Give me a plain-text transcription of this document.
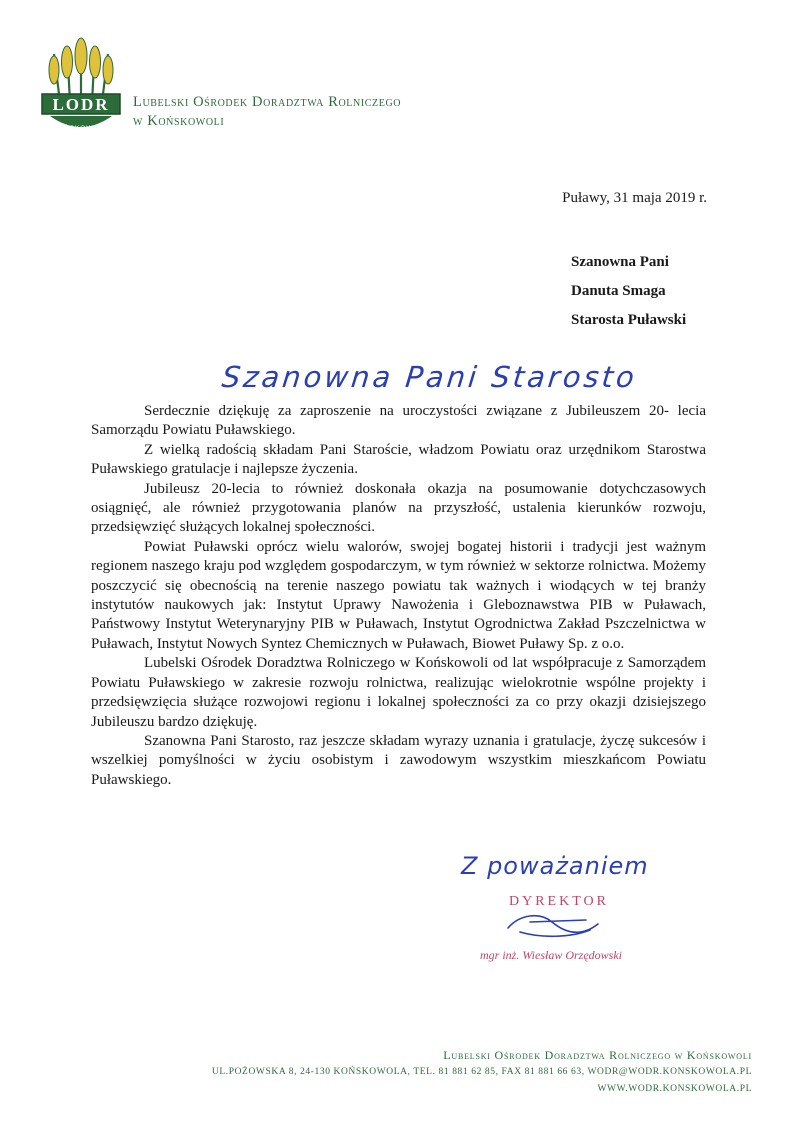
LODR
KOŃSKOWOLA
Lubelski Ośrodek Doradztwa Rolniczego
w Końskowoli
Puławy, 31 maja 2019 r.
Szanowna Pani
Danuta Smaga
Starosta Puławski
Szanowna Pani Starosto

Serdecznie dziękuję za zaproszenie na uroczystości związane z Jubileuszem 20- lecia Samorządu Powiatu Puławskiego.

Z wielką radością składam Pani Staroście, władzom Powiatu oraz urzędnikom Starostwa Puławskiego gratulacje i najlepsze życzenia.

Jubileusz 20-lecia to również doskonała okazja na posumowanie dotychczasowych osiągnięć, ale również przygotowania planów na przyszłość, ustalenia kierunków rozwoju, przedsięwzięć służących lokalnej społeczności.

Powiat Puławski oprócz wielu walorów, swojej bogatej historii i tradycji jest ważnym regionem naszego kraju pod względem gospodarczym, w tym również w sektorze rolnictwa. Możemy poszczycić się obecnością na terenie naszego powiatu tak ważnych i wiodących w tej branży instytutów naukowych jak: Instytut Uprawy Nawożenia i Gleboznawstwa PIB w Puławach, Państwowy Instytut Weterynaryjny PIB w Puławach, Instytut Ogrodnictwa Zakład Pszczelnictwa w Puławach, Instytut Nowych Syntez Chemicznych w Puławach, Biowet Puławy Sp. z o.o.

Lubelski Ośrodek Doradztwa Rolniczego w Końskowoli od lat współpracuje z Samorządem Powiatu Puławskiego w zakresie rozwoju rolnictwa, realizując wielokrotnie wspólne projekty i przedsięwzięcia służące rozwojowi regionu i lokalnej społeczności za co przy okazji dzisiejszego Jubileuszu bardzo dziękuję.

Szanowna Pani Starosto, raz jeszcze składam wyrazy uznania i gratulacje, życzę sukcesów i wszelkiej pomyślności w życiu osobistym i zawodowym wszystkim mieszkańcom Powiatu Puławskiego.

Z poważaniem
DYREKTOR
mgr inż. Wiesław Orzędowski
Lubelski Ośrodek Doradztwa Rolniczego w Końskowoli
UL.POŻOWSKA 8, 24-130 KOŃSKOWOLA, TEL. 81 881 62 85, FAX 81 881 66 63, WODR@WODR.KONSKOWOLA.PL
WWW.WODR.KONSKOWOLA.PL
